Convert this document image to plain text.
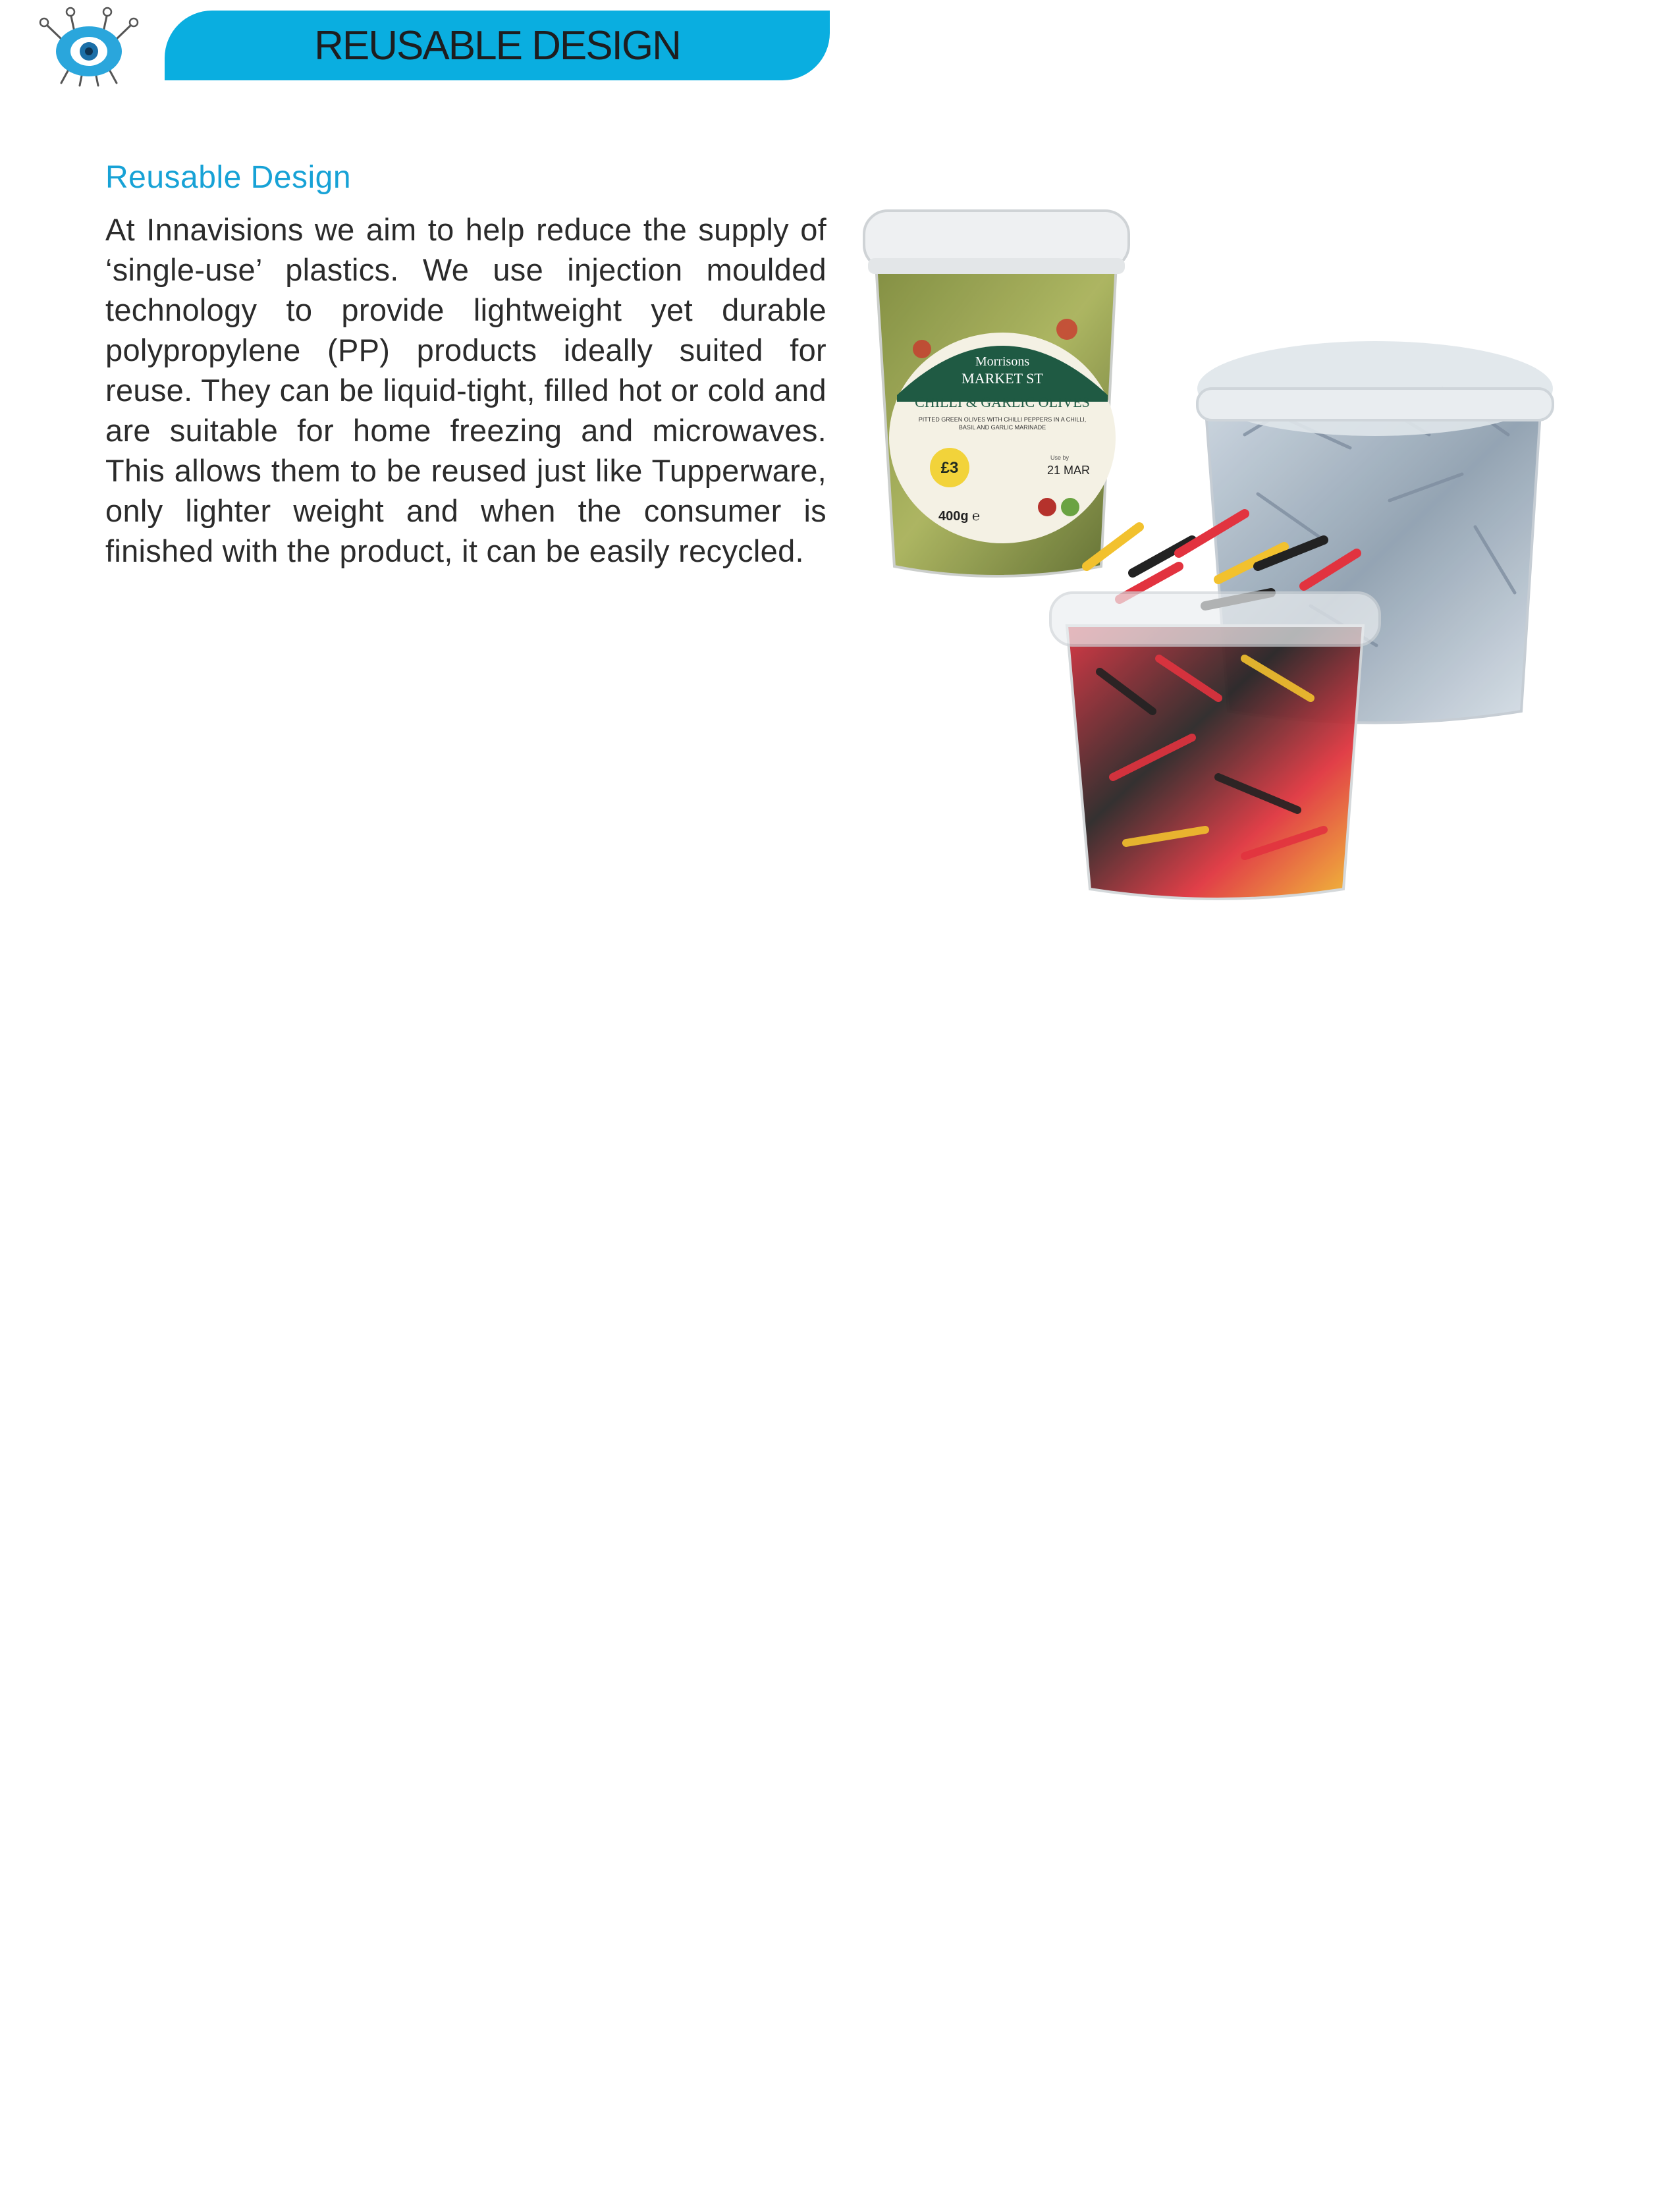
REUSABLE DESIGN
Reusable Design
At Innavisions we aim to help reduce the supply of ‘single-use’ plastics. We use injection moulded technology to provide lightweight yet durable polypropylene (PP) products ideally suited for reuse. They can be liquid-tight, filled hot or cold and are suitable for home freezing and microwaves. This allows them to be reused just like Tupperware, only lighter weight and when the consumer is finished with the product, it can be easily recycled.
Morrisons
MARKET ST
CHILLI & GARLIC OLIVES
PITTED GREEN OLIVES WITH CHILLI PEPPERS IN A CHILLI,
BASIL AND GARLIC MARINADE
£3
Use by
21 MAR
400g ℮
